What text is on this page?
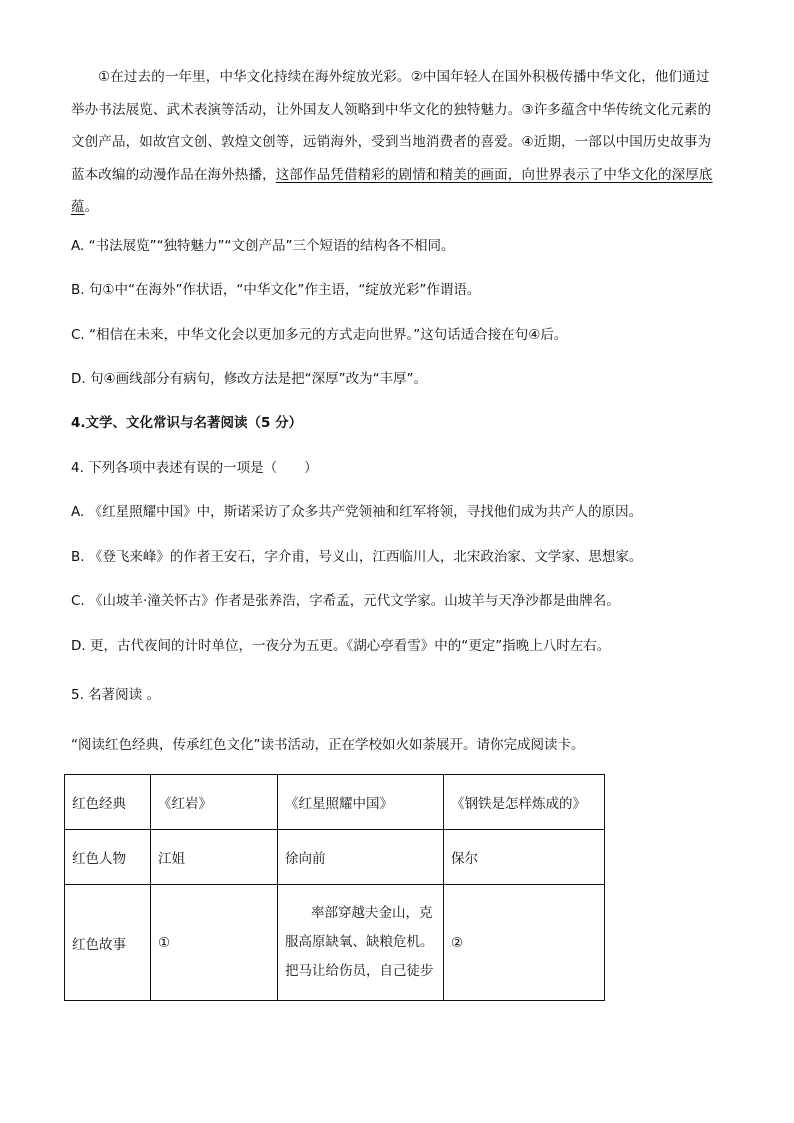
①在过去的一年里，中华文化持续在海外绽放光彩。②中国年轻人在国外积极传播中华文化，他们通过举办书法展览、武术表演等活动，让外国友人领略到中华文化的独特魅力。③许多蕴含中华传统文化元素的文创产品，如故宫文创、敦煌文创等，远销海外，受到当地消费者的喜爱。④近期，一部以中国历史故事为蓝本改编的动漫作品在海外热播，这部作品凭借精彩的剧情和精美的画面，向世界表示了中华文化的深厚底蕴。

A. “书法展览”“独特魅力”“文创产品”三个短语的结构各不相同。

B. 句①中“在海外”作状语，“中华文化”作主语，“绽放光彩”作谓语。

C. “相信在未来，中华文化会以更加多元的方式走向世界。”这句话适合接在句④后。

D. 句④画线部分有病句，修改方法是把“深厚”改为“丰厚”。

4.文学、文化常识与名著阅读（5 分）

4. 下列各项中表述有误的一项是（　　）

A. 《红星照耀中国》中，斯诺采访了众多共产党领袖和红军将领，寻找他们成为共产人的原因。

B. 《登飞来峰》的作者王安石，字介甫，号义山，江西临川人，北宋政治家、文学家、思想家。

C. 《山坡羊·潼关怀古》作者是张养浩，字希孟，元代文学家。山坡羊与天净沙都是曲牌名。

D. 更，古代夜间的计时单位，一夜分为五更。《湖心亭看雪》中的“更定”指晚上八时左右。

5. 名著阅读 。

“阅读红色经典，传承红色文化”读书活动，正在学校如火如荼展开。请你完成阅读卡。

红色经典	《红岩》	《红星照耀中国》	《钢铁是怎样炼成的》
红色人物	江姐	徐向前	保尔
红色故事	①	率部穿越夫金山，克服高原缺氧、缺粮危机。把马让给伤员，自己徒步	②
